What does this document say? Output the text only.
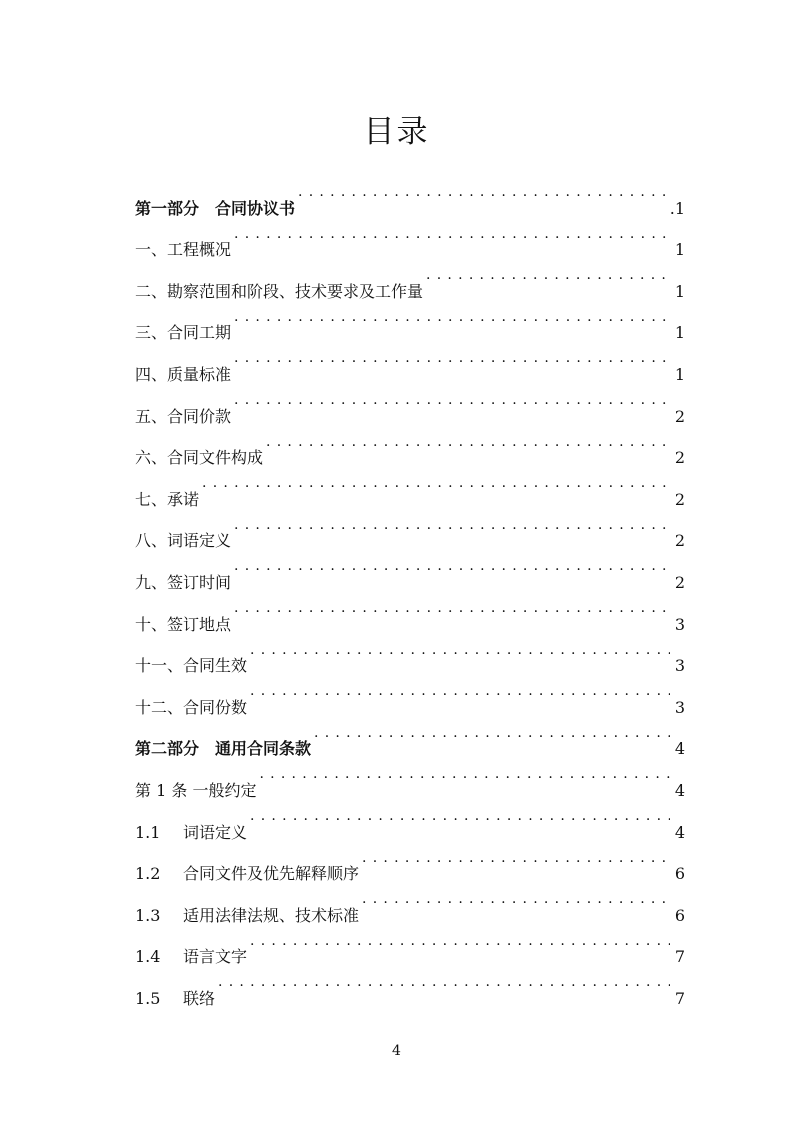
目录
第一部分　合同协议书 . . .	.1
一、工程概况 . . .	1
二、勘察范围和阶段、技术要求及工作量 . . .	1
三、合同工期 . . .	1
四、质量标准 . . .	1
五、合同价款 . . .	2
六、合同文件构成 . . .	2
七、承诺 . . .	2
八、词语定义 . . .	2
九、签订时间 . . .	2
十、签订地点 . . .	3
十一、合同生效 . . .	3
十二、合同份数 . . .	3
第二部分　通用合同条款 . . .	4
第 1 条 一般约定 . . .	4
1.1	词语定义 . . .	4
1.2	合同文件及优先解释顺序 . . .	6
1.3	适用法律法规、技术标准 . . .	6
1.4	语言文字 . . .	7
1.5	联络 . . .	7
4
